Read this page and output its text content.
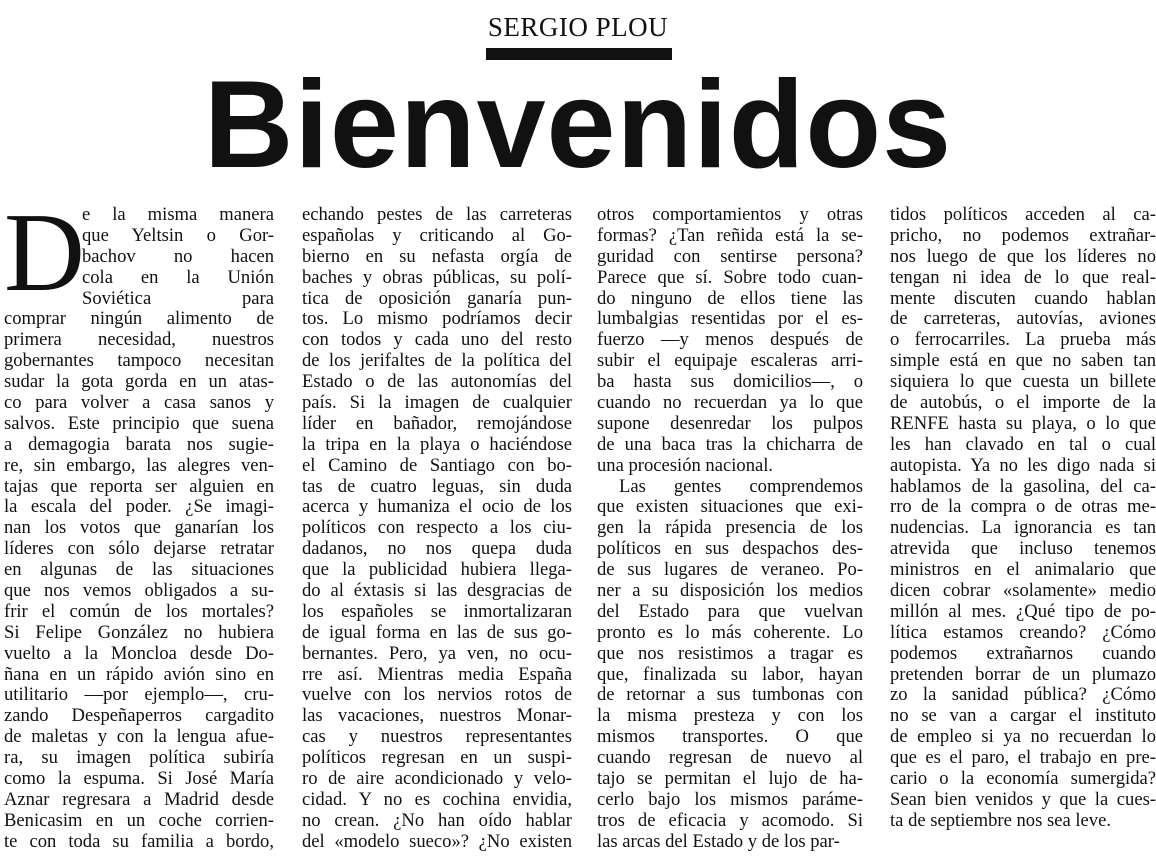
SERGIO PLOU
Bienvenidos
D
e la misma manera
que Yeltsin o Gor-
bachov no hacen
cola en la Unión
Soviética para
comprar ningún alimento de
primera necesidad, nuestros
gobernantes tampoco necesitan
sudar la gota gorda en un atas-
co para volver a casa sanos y
salvos. Este principio que suena
a demagogia barata nos sugie-
re, sin embargo, las alegres ven-
tajas que reporta ser alguien en
la escala del poder. ¿Se imagi-
nan los votos que ganarían los
líderes con sólo dejarse retratar
en algunas de las situaciones
que nos vemos obligados a su-
frir el común de los mortales?
Si Felipe González no hubiera
vuelto a la Moncloa desde Do-
ñana en un rápido avión sino en
utilitario —por ejemplo—, cru-
zando Despeñaperros cargadito
de maletas y con la lengua afue-
ra, su imagen política subiría
como la espuma. Si José María
Aznar regresara a Madrid desde
Benicasim en un coche corrien-
te con toda su familia a bordo,
echando pestes de las carreteras
españolas y criticando al Go-
bierno en su nefasta orgía de
baches y obras públicas, su polí-
tica de oposición ganaría pun-
tos. Lo mismo podríamos decir
con todos y cada uno del resto
de los jerifaltes de la política del
Estado o de las autonomías del
país. Si la imagen de cualquier
líder en bañador, remojándose
la tripa en la playa o haciéndose
el Camino de Santiago con bo-
tas de cuatro leguas, sin duda
acerca y humaniza el ocio de los
políticos con respecto a los ciu-
dadanos, no nos quepa duda
que la publicidad hubiera llega-
do al éxtasis si las desgracias de
los españoles se inmortalizaran
de igual forma en las de sus go-
bernantes. Pero, ya ven, no ocu-
rre así. Mientras media España
vuelve con los nervios rotos de
las vacaciones, nuestros Monar-
cas y nuestros representantes
políticos regresan en un suspi-
ro de aire acondicionado y velo-
cidad. Y no es cochina envidia,
no crean. ¿No han oído hablar
del «modelo sueco»? ¿No existen
otros comportamientos y otras
formas? ¿Tan reñida está la se-
guridad con sentirse persona?
Parece que sí. Sobre todo cuan-
do ninguno de ellos tiene las
lumbalgias resentidas por el es-
fuerzo —y menos después de
subir el equipaje escaleras arri-
ba hasta sus domicilios—, o
cuando no recuerdan ya lo que
supone desenredar los pulpos
de una baca tras la chicharra de
una procesión nacional.
Las gentes comprendemos
que existen situaciones que exi-
gen la rápida presencia de los
políticos en sus despachos des-
de sus lugares de veraneo. Po-
ner a su disposición los medios
del Estado para que vuelvan
pronto es lo más coherente. Lo
que nos resistimos a tragar es
que, finalizada su labor, hayan
de retornar a sus tumbonas con
la misma presteza y con los
mismos transportes. O que
cuando regresan de nuevo al
tajo se permitan el lujo de ha-
cerlo bajo los mismos paráme-
tros de eficacia y acomodo. Si
las arcas del Estado y de los par-
tidos políticos acceden al ca-
pricho, no podemos extrañar-
nos luego de que los líderes no
tengan ni idea de lo que real-
mente discuten cuando hablan
de carreteras, autovías, aviones
o ferrocarriles. La prueba más
simple está en que no saben tan
siquiera lo que cuesta un billete
de autobús, o el importe de la
RENFE hasta su playa, o lo que
les han clavado en tal o cual
autopista. Ya no les digo nada si
hablamos de la gasolina, del ca-
rro de la compra o de otras me-
nudencias. La ignorancia es tan
atrevida que incluso tenemos
ministros en el animalario que
dicen cobrar «solamente» medio
millón al mes. ¿Qué tipo de po-
lítica estamos creando? ¿Cómo
podemos extrañarnos cuando
pretenden borrar de un plumazo
zo la sanidad pública? ¿Cómo
no se van a cargar el instituto
de empleo si ya no recuerdan lo
que es el paro, el trabajo en pre-
cario o la economía sumergida?
Sean bien venidos y que la cues-
ta de septiembre nos sea leve.
